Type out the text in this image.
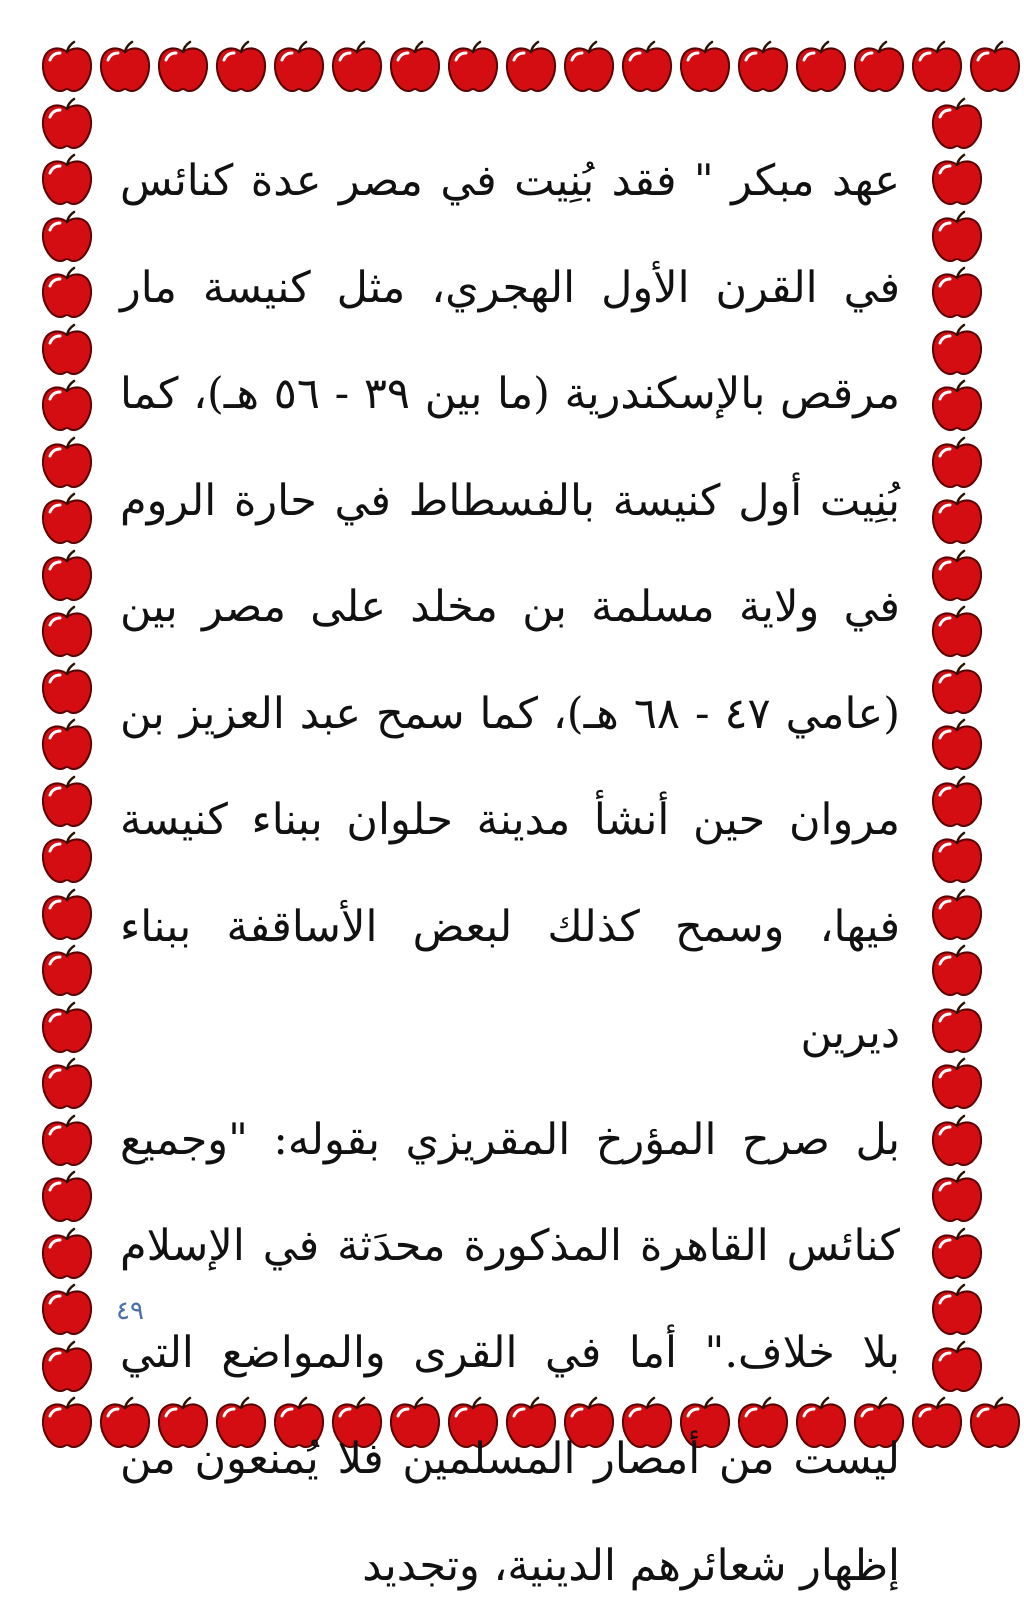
عهد مبكر " فقد بُنِيت في مصر عدة كنائس في القرن الأول الهجري، مثل كنيسة مار مرقص بالإسكندرية (ما بين ٣٩ - ٥٦ هـ)، كما بُنِيت أول كنيسة بالفسطاط في حارة الروم في ولاية مسلمة بن مخلد على مصر بين (عامي ٤٧ - ٦٨ هـ)، كما سمح عبد العزيز بن مروان حين أنشأ مدينة حلوان ببناء كنيسة فيها، وسمح كذلك لبعض الأساقفة ببناء ديرين

بل صرح المؤرخ المقريزي بقوله: "وجميع كنائس القاهرة المذكورة محدَثة في الإسلام بلا خلاف." أما في القرى والمواضع التي ليست من أمصار المسلمين فلا يُمنعون من إظهار شعائرهم الدينية، وتجديد

٤٩
